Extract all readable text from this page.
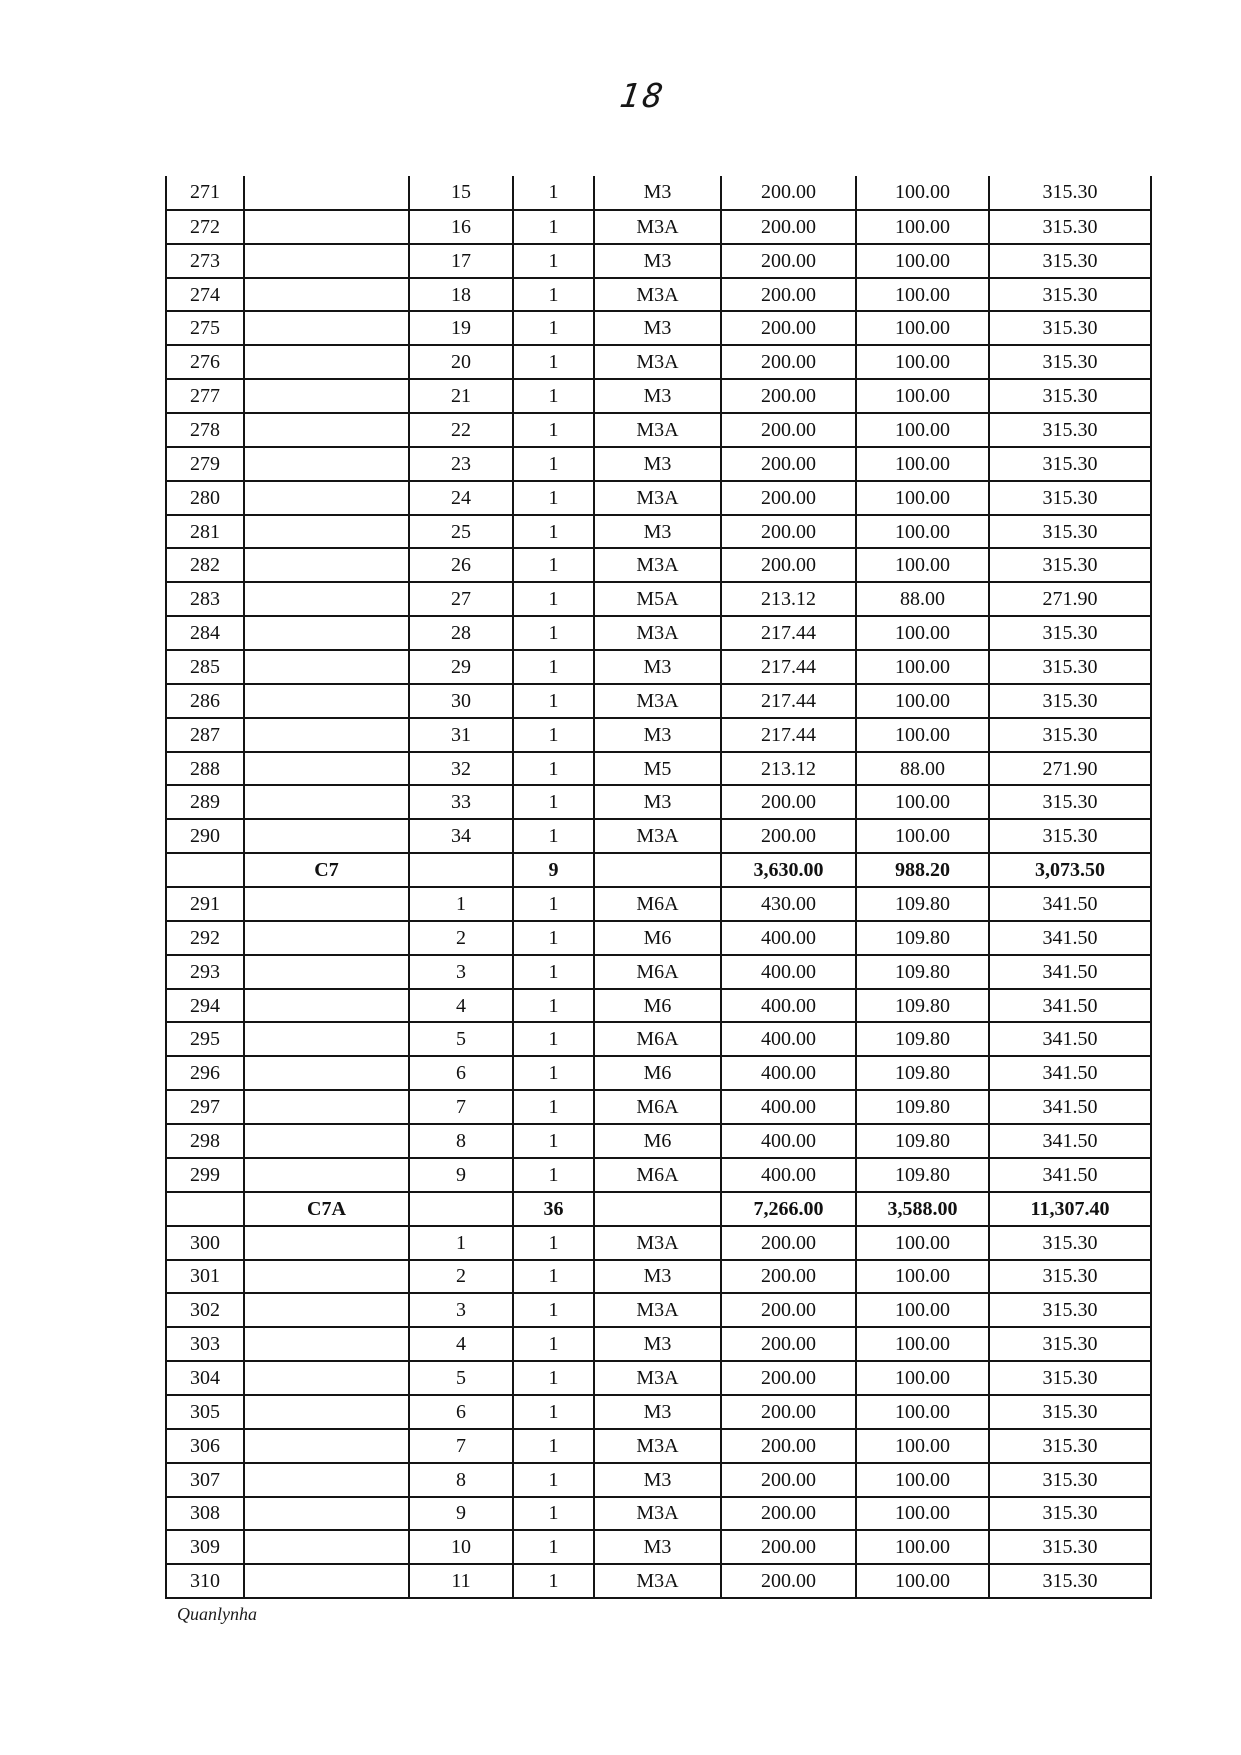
18
271		15	1	M3	200.00	100.00	315.30
272		16	1	M3A	200.00	100.00	315.30
273		17	1	M3	200.00	100.00	315.30
274		18	1	M3A	200.00	100.00	315.30
275		19	1	M3	200.00	100.00	315.30
276		20	1	M3A	200.00	100.00	315.30
277		21	1	M3	200.00	100.00	315.30
278		22	1	M3A	200.00	100.00	315.30
279		23	1	M3	200.00	100.00	315.30
280		24	1	M3A	200.00	100.00	315.30
281		25	1	M3	200.00	100.00	315.30
282		26	1	M3A	200.00	100.00	315.30
283		27	1	M5A	213.12	88.00	271.90
284		28	1	M3A	217.44	100.00	315.30
285		29	1	M3	217.44	100.00	315.30
286		30	1	M3A	217.44	100.00	315.30
287		31	1	M3	217.44	100.00	315.30
288		32	1	M5	213.12	88.00	271.90
289		33	1	M3	200.00	100.00	315.30
290		34	1	M3A	200.00	100.00	315.30
	C7		9		3,630.00	988.20	3,073.50
291		1	1	M6A	430.00	109.80	341.50
292		2	1	M6	400.00	109.80	341.50
293		3	1	M6A	400.00	109.80	341.50
294		4	1	M6	400.00	109.80	341.50
295		5	1	M6A	400.00	109.80	341.50
296		6	1	M6	400.00	109.80	341.50
297		7	1	M6A	400.00	109.80	341.50
298		8	1	M6	400.00	109.80	341.50
299		9	1	M6A	400.00	109.80	341.50
	C7A		36		7,266.00	3,588.00	11,307.40
300		1	1	M3A	200.00	100.00	315.30
301		2	1	M3	200.00	100.00	315.30
302		3	1	M3A	200.00	100.00	315.30
303		4	1	M3	200.00	100.00	315.30
304		5	1	M3A	200.00	100.00	315.30
305		6	1	M3	200.00	100.00	315.30
306		7	1	M3A	200.00	100.00	315.30
307		8	1	M3	200.00	100.00	315.30
308		9	1	M3A	200.00	100.00	315.30
309		10	1	M3	200.00	100.00	315.30
310		11	1	M3A	200.00	100.00	315.30
Quanlynha
